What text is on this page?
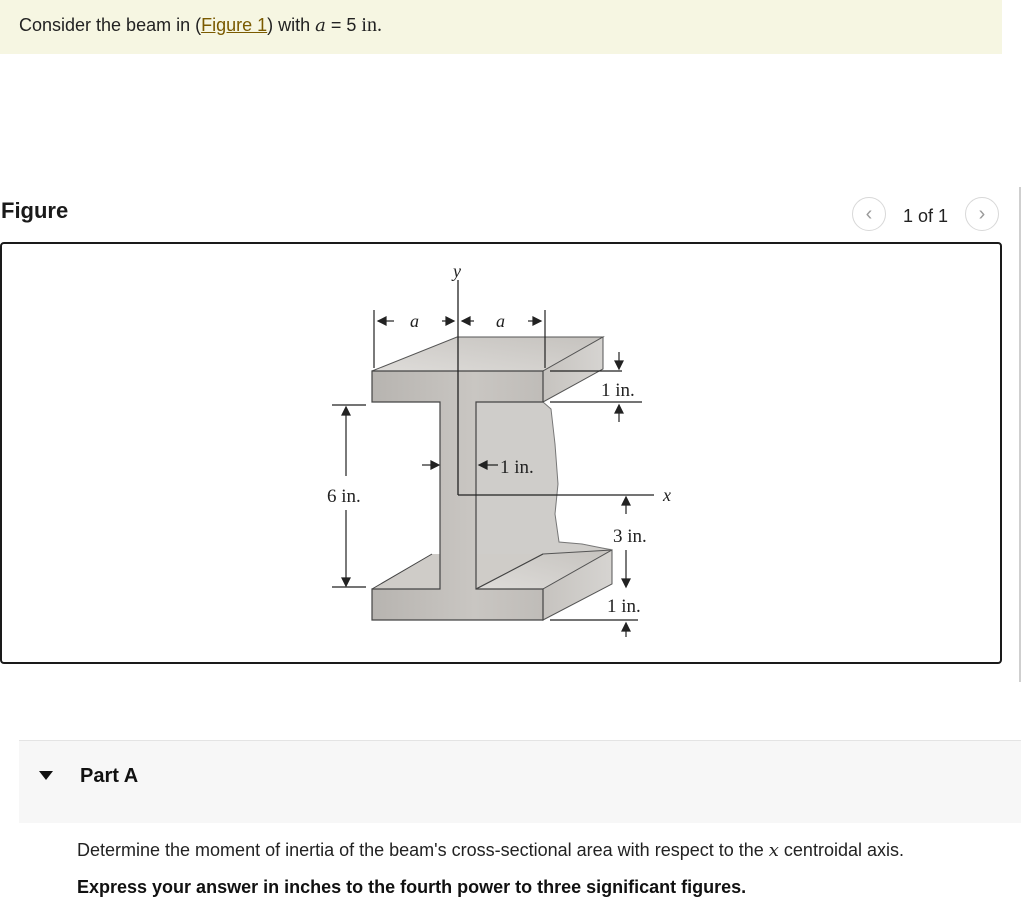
Consider the beam in (Figure 1) with a = 5 in.
Figure	‹ 1 of 1 ›
y
x
a	a
1 in.
1 in.
6 in.
3 in.
1 in.
Part A
Determine the moment of inertia of the beam's cross-sectional area with respect to the x centroidal axis.
Express your answer in inches to the fourth power to three significant figures.
